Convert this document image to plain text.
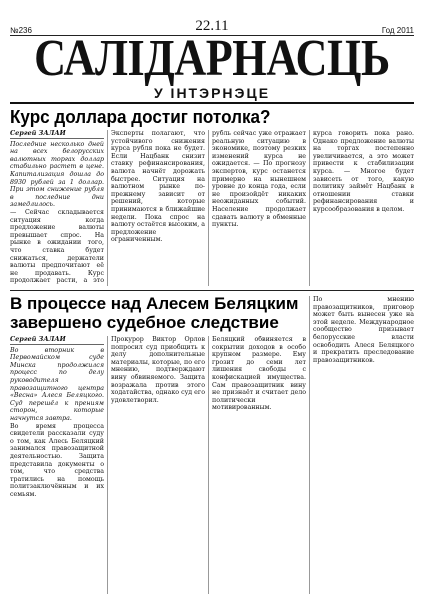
№236	22.11	Год 2011
САЛІДАРНАСЦЬ
У ІНТЭРНЭЦЕ
Курс доллара достиг потолка?
Сергей ЗАЛАЙ
Последние несколько дней на всех белорусских валютных торгах доллар стабильно растет в цене. Капитализация дошла до 8930 рублей за 1 доллар. При этом снижение рубля в последние дни замедлилось.
— Сейчас складывается ситуация когда предложение валюты превышает спрос. На рынке в ожидании того, что ставка будет снижаться, держатели валюты предпочитают её не продавать. Курс продолжает расти, а это
Эксперты полагают, что устойчивого снижения курса рубля пока не будет. Если Нацбанк снизит ставку рефинансирования, валюта начнёт дорожать быстрее. Ситуация на валютном рынке по-прежнему зависит от решений, которые принимаются в ближайшие недели. Пока спрос на валюту остаётся высоким, а предложение ограниченным.
рубль сейчас уже отражает реальную ситуацию в экономике, поэтому резких изменений курса не ожидается. — По прогнозу экспертов, курс останется примерно на нынешнем уровне до конца года, если не произойдёт никаких неожиданных событий. Население продолжает сдавать валюту в обменные пункты.
курса говорить пока рано. Однако предложение валюты на торгах постепенно увеличивается, а это может привести к стабилизации курса. — Многое будет зависеть от того, какую политику займёт Нацбанк в отношении ставки рефинансирования и курсообразования в целом.
В процессе над Алесем Беляцким завершено судебное следствие
Сергей ЗАЛАЙ
Во вторник в Первомайском суде Минска продолжился процесс по делу руководителя правозащитного центра «Весна» Алеся Беляцкого. Суд перешёл к прениям сторон, которые начнутся завтра.
Во время процесса свидетели рассказали суду о том, как Алесь Беляцкий занимался правозащитной деятельностью. Защита представила документы о том, что средства тратились на помощь политзаключённым и их семьям.
Прокурор Виктор Орлов попросил суд приобщить к делу дополнительные материалы, которые, по его мнению, подтверждают вину обвиняемого. Защита возражала против этого ходатайства, однако суд его удовлетворил.
Беляцкий обвиняется в сокрытии доходов в особо крупном размере. Ему грозит до семи лет лишения свободы с конфискацией имущества. Сам правозащитник вину не признаёт и считает дело политически мотивированным.
По мнению правозащитников, приговор может быть вынесен уже на этой неделе. Международное сообщество призывает белорусские власти освободить Алеся Беляцкого и прекратить преследование правозащитников.
